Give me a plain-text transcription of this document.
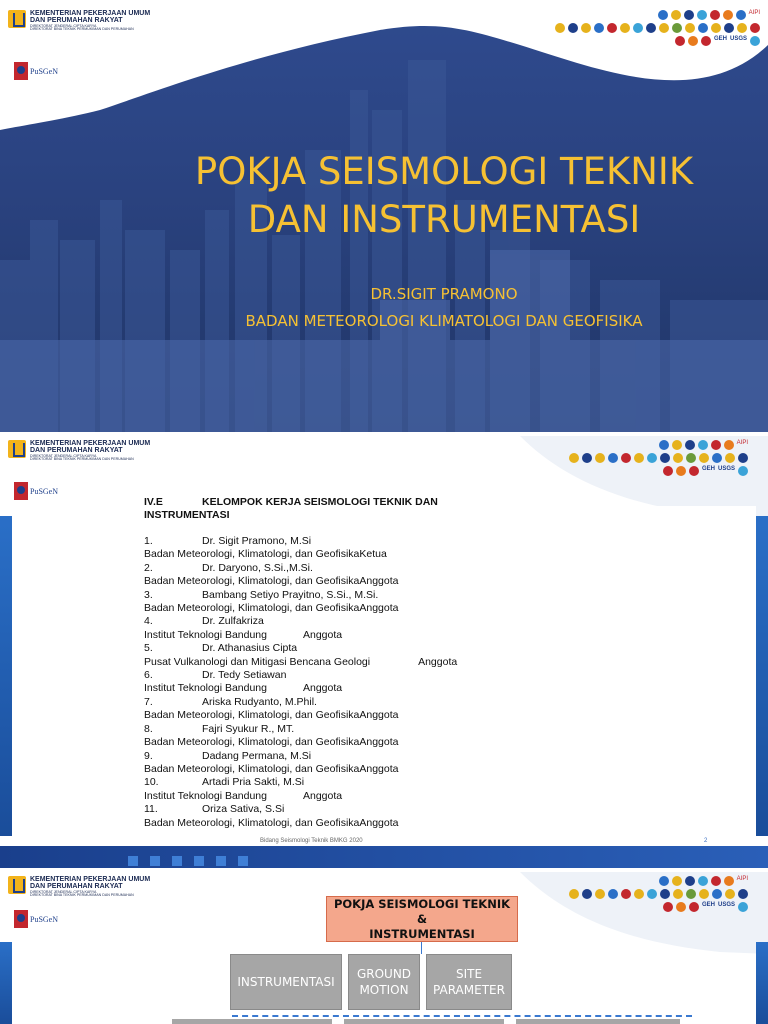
KEMENTERIAN PEKERJAAN UMUM
DAN PERUMAHAN RAKYAT
DIREKTORAT JENDERAL CIPTA KARYA
DIREKTORAT BINA TEKNIK PERMUKIMAN DAN PERUMAHAN
PuSGeN
AIPI
GEH USGS
POKJA SEISMOLOGI TEKNIK
DAN INSTRUMENTASI
DR.SIGIT PRAMONO
BADAN METEOROLOGI KLIMATOLOGI DAN GEOFISIKA
KEMENTERIAN PEKERJAAN UMUM
DAN PERUMAHAN RAKYAT
DIREKTORAT JENDERAL CIPTA KARYA
DIREKTORAT BINA TEKNIK PERMUKIMAN DAN PERUMAHAN
PuSGeN
AIPI
GEH USGS
IV.E	KELOMPOK KERJA SEISMOLOGI TEKNIK DAN
INSTRUMENTASI
1.	Dr. Sigit Pramono, M.Si
Badan Meteorologi, Klimatologi, dan Geofisika Ketua
2.	Dr. Daryono, S.Si.,M.Si.
Badan Meteorologi, Klimatologi, dan Geofisika Anggota
3.	Bambang Setiyo Prayitno, S.Si., M.Si.
Badan Meteorologi, Klimatologi, dan Geofisika Anggota
4.	Dr. Zulfakriza
Institut Teknologi Bandung	Anggota
5.	Dr. Athanasius Cipta
Pusat Vulkanologi dan Mitigasi Bencana Geologi	Anggota
6.	Dr. Tedy Setiawan
Institut Teknologi Bandung	Anggota
7.	Ariska Rudyanto, M.Phil.
Badan Meteorologi, Klimatologi, dan Geofisika Anggota
8.	Fajri Syukur R., MT.
Badan Meteorologi, Klimatologi, dan Geofisika Anggota
9.	Dadang Permana, M.Si
Badan Meteorologi, Klimatologi, dan Geofisika Anggota
10.	Artadi Pria Sakti, M.Si
Institut Teknologi Bandung	Anggota
11.	Oriza Sativa, S.Si
Badan Meteorologi, Klimatologi, dan Geofisika Anggota
Bidang Seismologi Teknik BMKG 2020	2
KEMENTERIAN PEKERJAAN UMUM
DAN PERUMAHAN RAKYAT
DIREKTORAT JENDERAL CIPTA KARYA
DIREKTORAT BINA TEKNIK PERMUKIMAN DAN PERUMAHAN
PuSGeN
AIPI
GEH USGS
POKJA SEISMOLOGI TEKNIK &
INSTRUMENTASI
INSTRUMENTASI
GROUND
MOTION
SITE
PARAMETER
